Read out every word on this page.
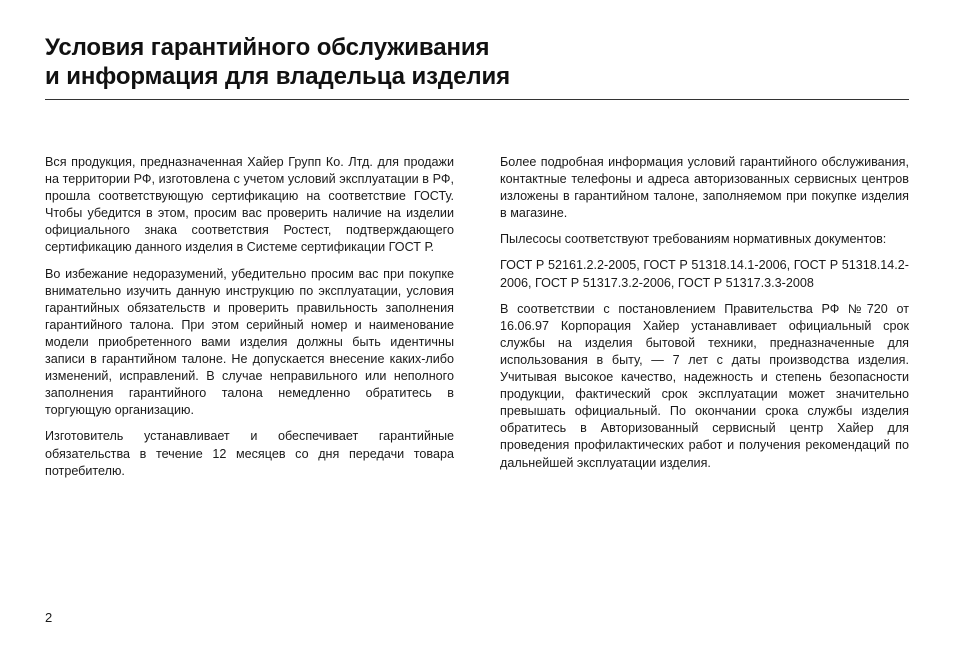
Условия гарантийного обслуживания
и информация для владельца изделия

Вся продукция, предназначенная Хайер Групп Ко. Лтд. для продажи на территории РФ, изготовлена с учетом условий эксплуатации в РФ, прошла соответствующую сертификацию на соответствие ГОСТу. Чтобы убедится в этом, просим вас проверить наличие на изделии официального знака соответствия Ростест, подтверждающего сертификацию данного изделия в Системе сертификации ГОСТ Р.

Во избежание недоразумений, убедительно просим вас при покупке внимательно изучить данную инструкцию по эксплуатации, условия гарантийных обязательств и проверить правильность заполнения гарантийного талона. При этом серийный номер и наименование модели приобретенного вами изделия должны быть идентичны записи в гарантийном талоне. Не допускается внесение каких-либо изменений, исправлений. В случае неправильного или неполного заполнения гарантийного талона немедленно обратитесь в торгующую организацию.

Изготовитель устанавливает и обеспечивает гарантийные обязательства в течение 12 месяцев со дня передачи товара потребителю.

Более подробная информация условий гарантийного обслуживания, контактные телефоны и адреса авторизованных сервисных центров изложены в гарантийном талоне, заполняемом при покупке изделия в магазине.

Пылесосы соответствуют требованиям нормативных документов:

ГОСТ Р 52161.2.2-2005, ГОСТ Р 51318.14.1-2006, ГОСТ Р 51318.14.2-2006, ГОСТ Р 51317.3.2-2006, ГОСТ Р 51317.3.3-2008

В соответствии с постановлением Правительства РФ №720 от 16.06.97 Корпорация Хайер устанавливает официальный срок службы на изделия бытовой техники, предназначенные для использования в быту, — 7 лет с даты производства изделия. Учитывая высокое качество, надежность и степень безопасности продукции, фактический срок эксплуатации может значительно превышать официальный. По окончании срока службы изделия обратитесь в Авторизованный сервисный центр Хайер для проведения профилактических работ и получения рекомендаций по дальнейшей эксплуатации изделия.

2
